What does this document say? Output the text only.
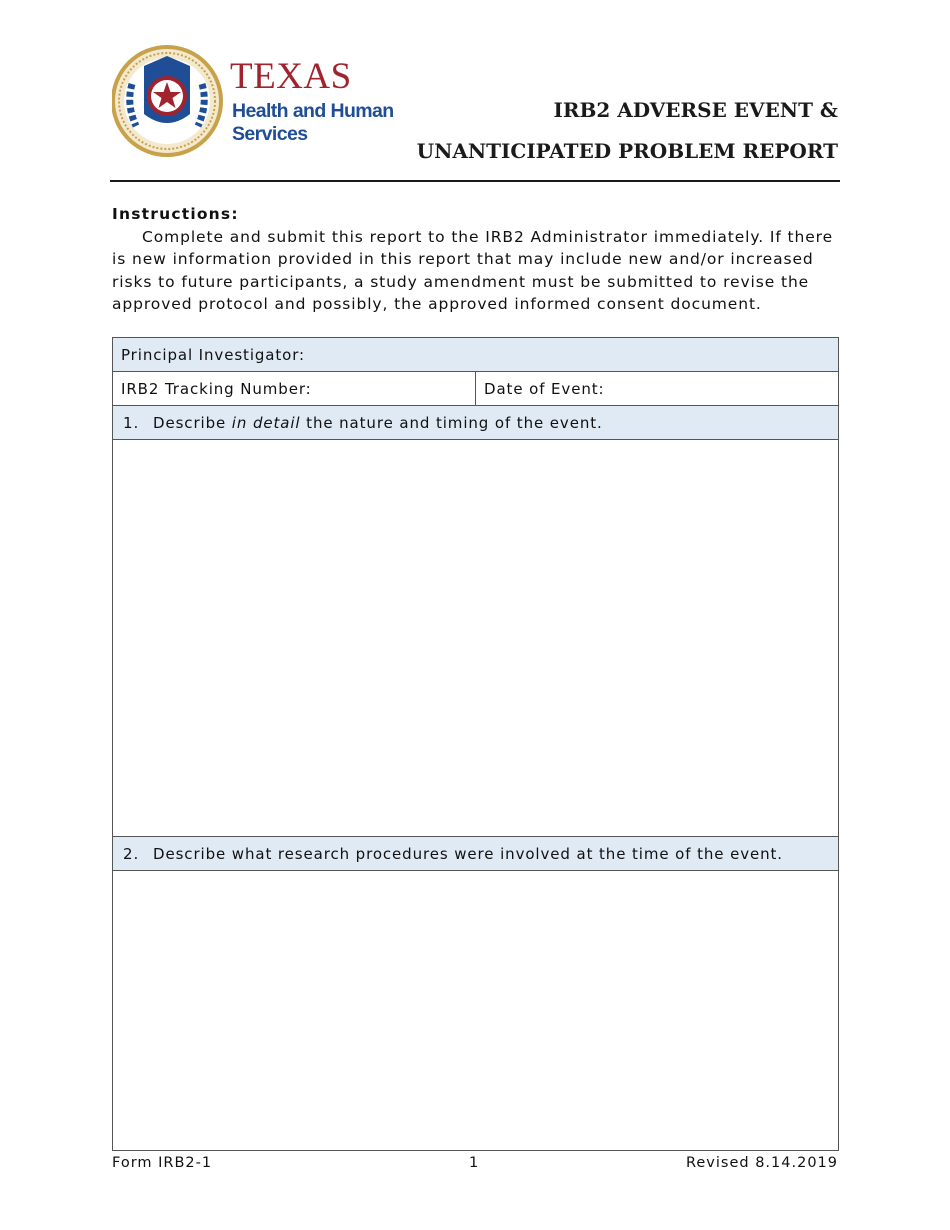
TEXAS
Health and Human
Services
IRB2 ADVERSE EVENT &
UNANTICIPATED PROBLEM REPORT
Instructions:
Complete and submit this report to the IRB2 Administrator immediately. If there is new information provided in this report that may include new and/or increased risks to future participants, a study amendment must be submitted to revise the approved protocol and possibly, the approved informed consent document.
Principal Investigator:
IRB2 Tracking Number:	Date of Event:
1. Describe in detail the nature and timing of the event.

2. Describe what research procedures were involved at the time of the event.

Form IRB2-1	1	Revised 8.14.2019
